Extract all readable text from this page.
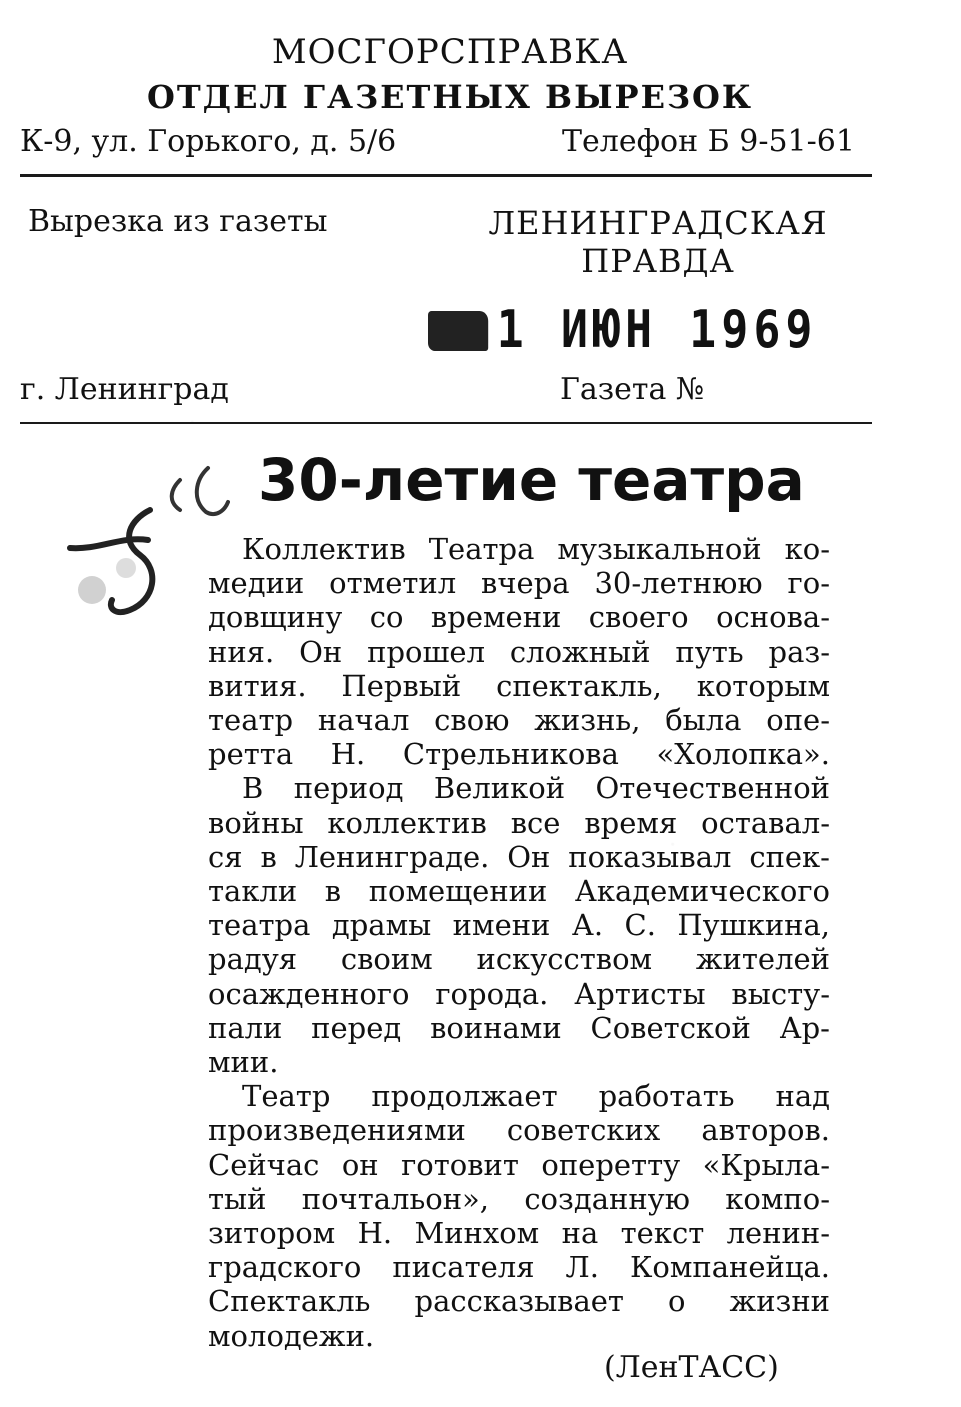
МОСГОРСПРАВКА
ОТДЕЛ ГАЗЕТНЫХ ВЫРЕЗОК
К-9, ул. Горького, д. 5/6	Телефон Б 9-51-61
Вырезка из газеты	ЛЕНИНГРАДСКАЯ
ПРАВДА
1 ИЮН 1969
г. Ленинград	Газета №
30-летие театра

Коллектив Театра музыкальной ко-
медии отметил вчера 30-летнюю го-
довщину со времени своего основа-
ния. Он прошел сложный путь раз-
вития. Первый спектакль, которым
театр начал свою жизнь, была опе-
ретта Н. Стрельникова «Холопка».

В период Великой Отечественной
войны коллектив все время оставал-
ся в Ленинграде. Он показывал спек-
такли в помещении Академического
театра драмы имени А. С. Пушкина,
радуя своим искусством жителей
осажденного города. Артисты высту-
пали перед воинами Советской Ар-
мии.

Театр продолжает работать над
произведениями советских авторов.
Сейчас он готовит оперетту «Крыла-
тый почтальон», созданную компо-
зитором Н. Минхом на текст ленин-
градского писателя Л. Компанейца.
Спектакль рассказывает о жизни
молодежи.

(ЛенТАСС)
